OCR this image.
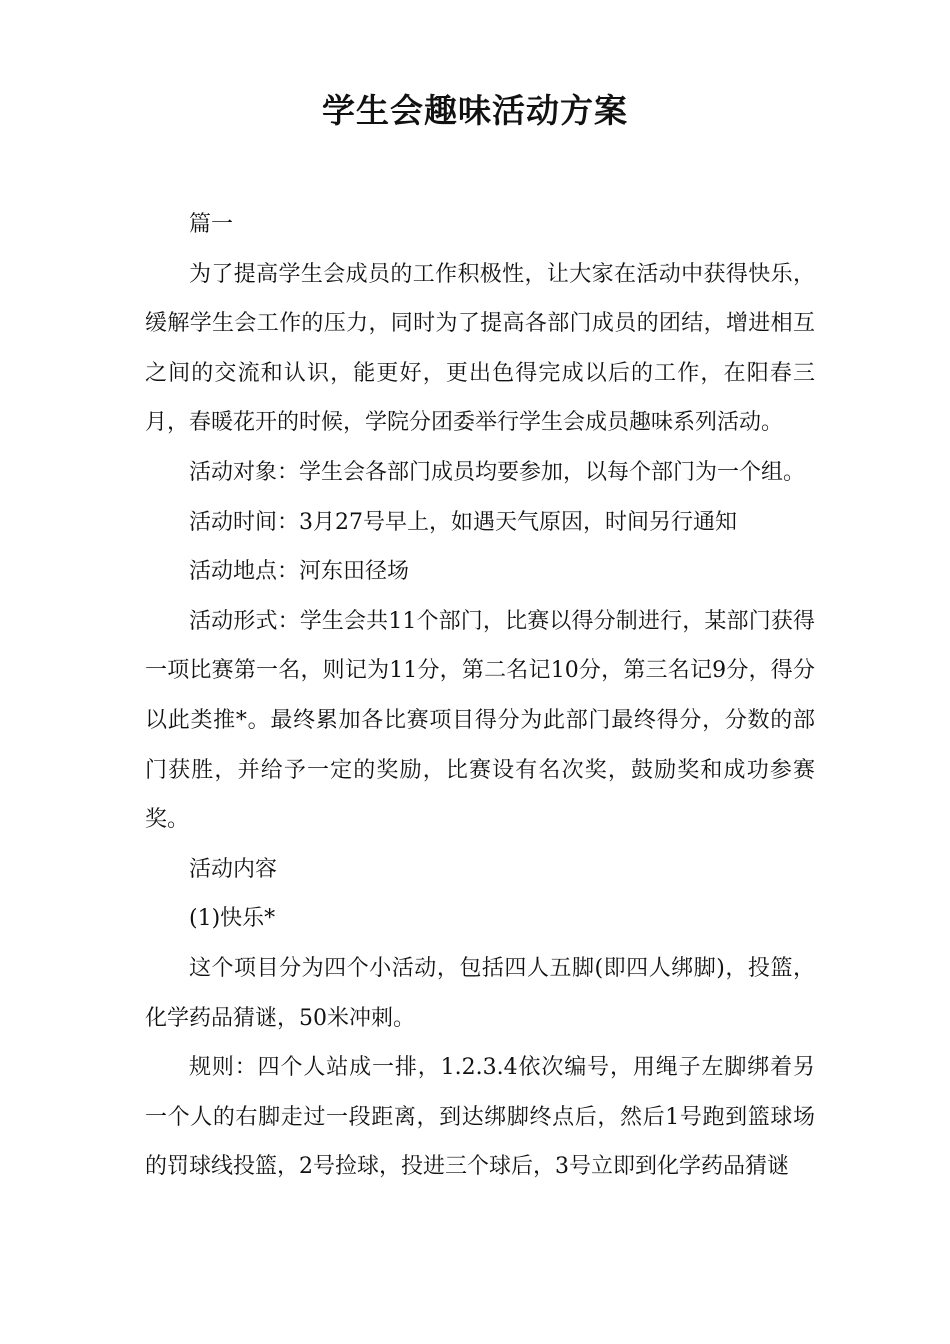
学生会趣味活动方案

篇一

为了提高学生会成员的工作积极性，让大家在活动中获得快乐，缓解学生会工作的压力，同时为了提高各部门成员的团结，增进相互之间的交流和认识，能更好，更出色得完成以后的工作，在阳春三月，春暖花开的时候，学院分团委举行学生会成员趣味系列活动。

活动对象：学生会各部门成员均要参加，以每个部门为一个组。

活动时间：3月27号早上，如遇天气原因，时间另行通知

活动地点：河东田径场

活动形式：学生会共11个部门，比赛以得分制进行，某部门获得一项比赛第一名，则记为11分，第二名记10分，第三名记9分，得分以此类推*。最终累加各比赛项目得分为此部门最终得分，分数的部门获胜，并给予一定的奖励，比赛设有名次奖，鼓励奖和成功参赛奖。

活动内容

(1)快乐*

这个项目分为四个小活动，包括四人五脚(即四人绑脚)，投篮，化学药品猜谜，50米冲刺。

规则：四个人站成一排，1.2.3.4依次编号，用绳子左脚绑着另一个人的右脚走过一段距离，到达绑脚终点后，然后1号跑到篮球场的罚球线投篮，2号捡球，投进三个球后，3号立即到化学药品猜谜
